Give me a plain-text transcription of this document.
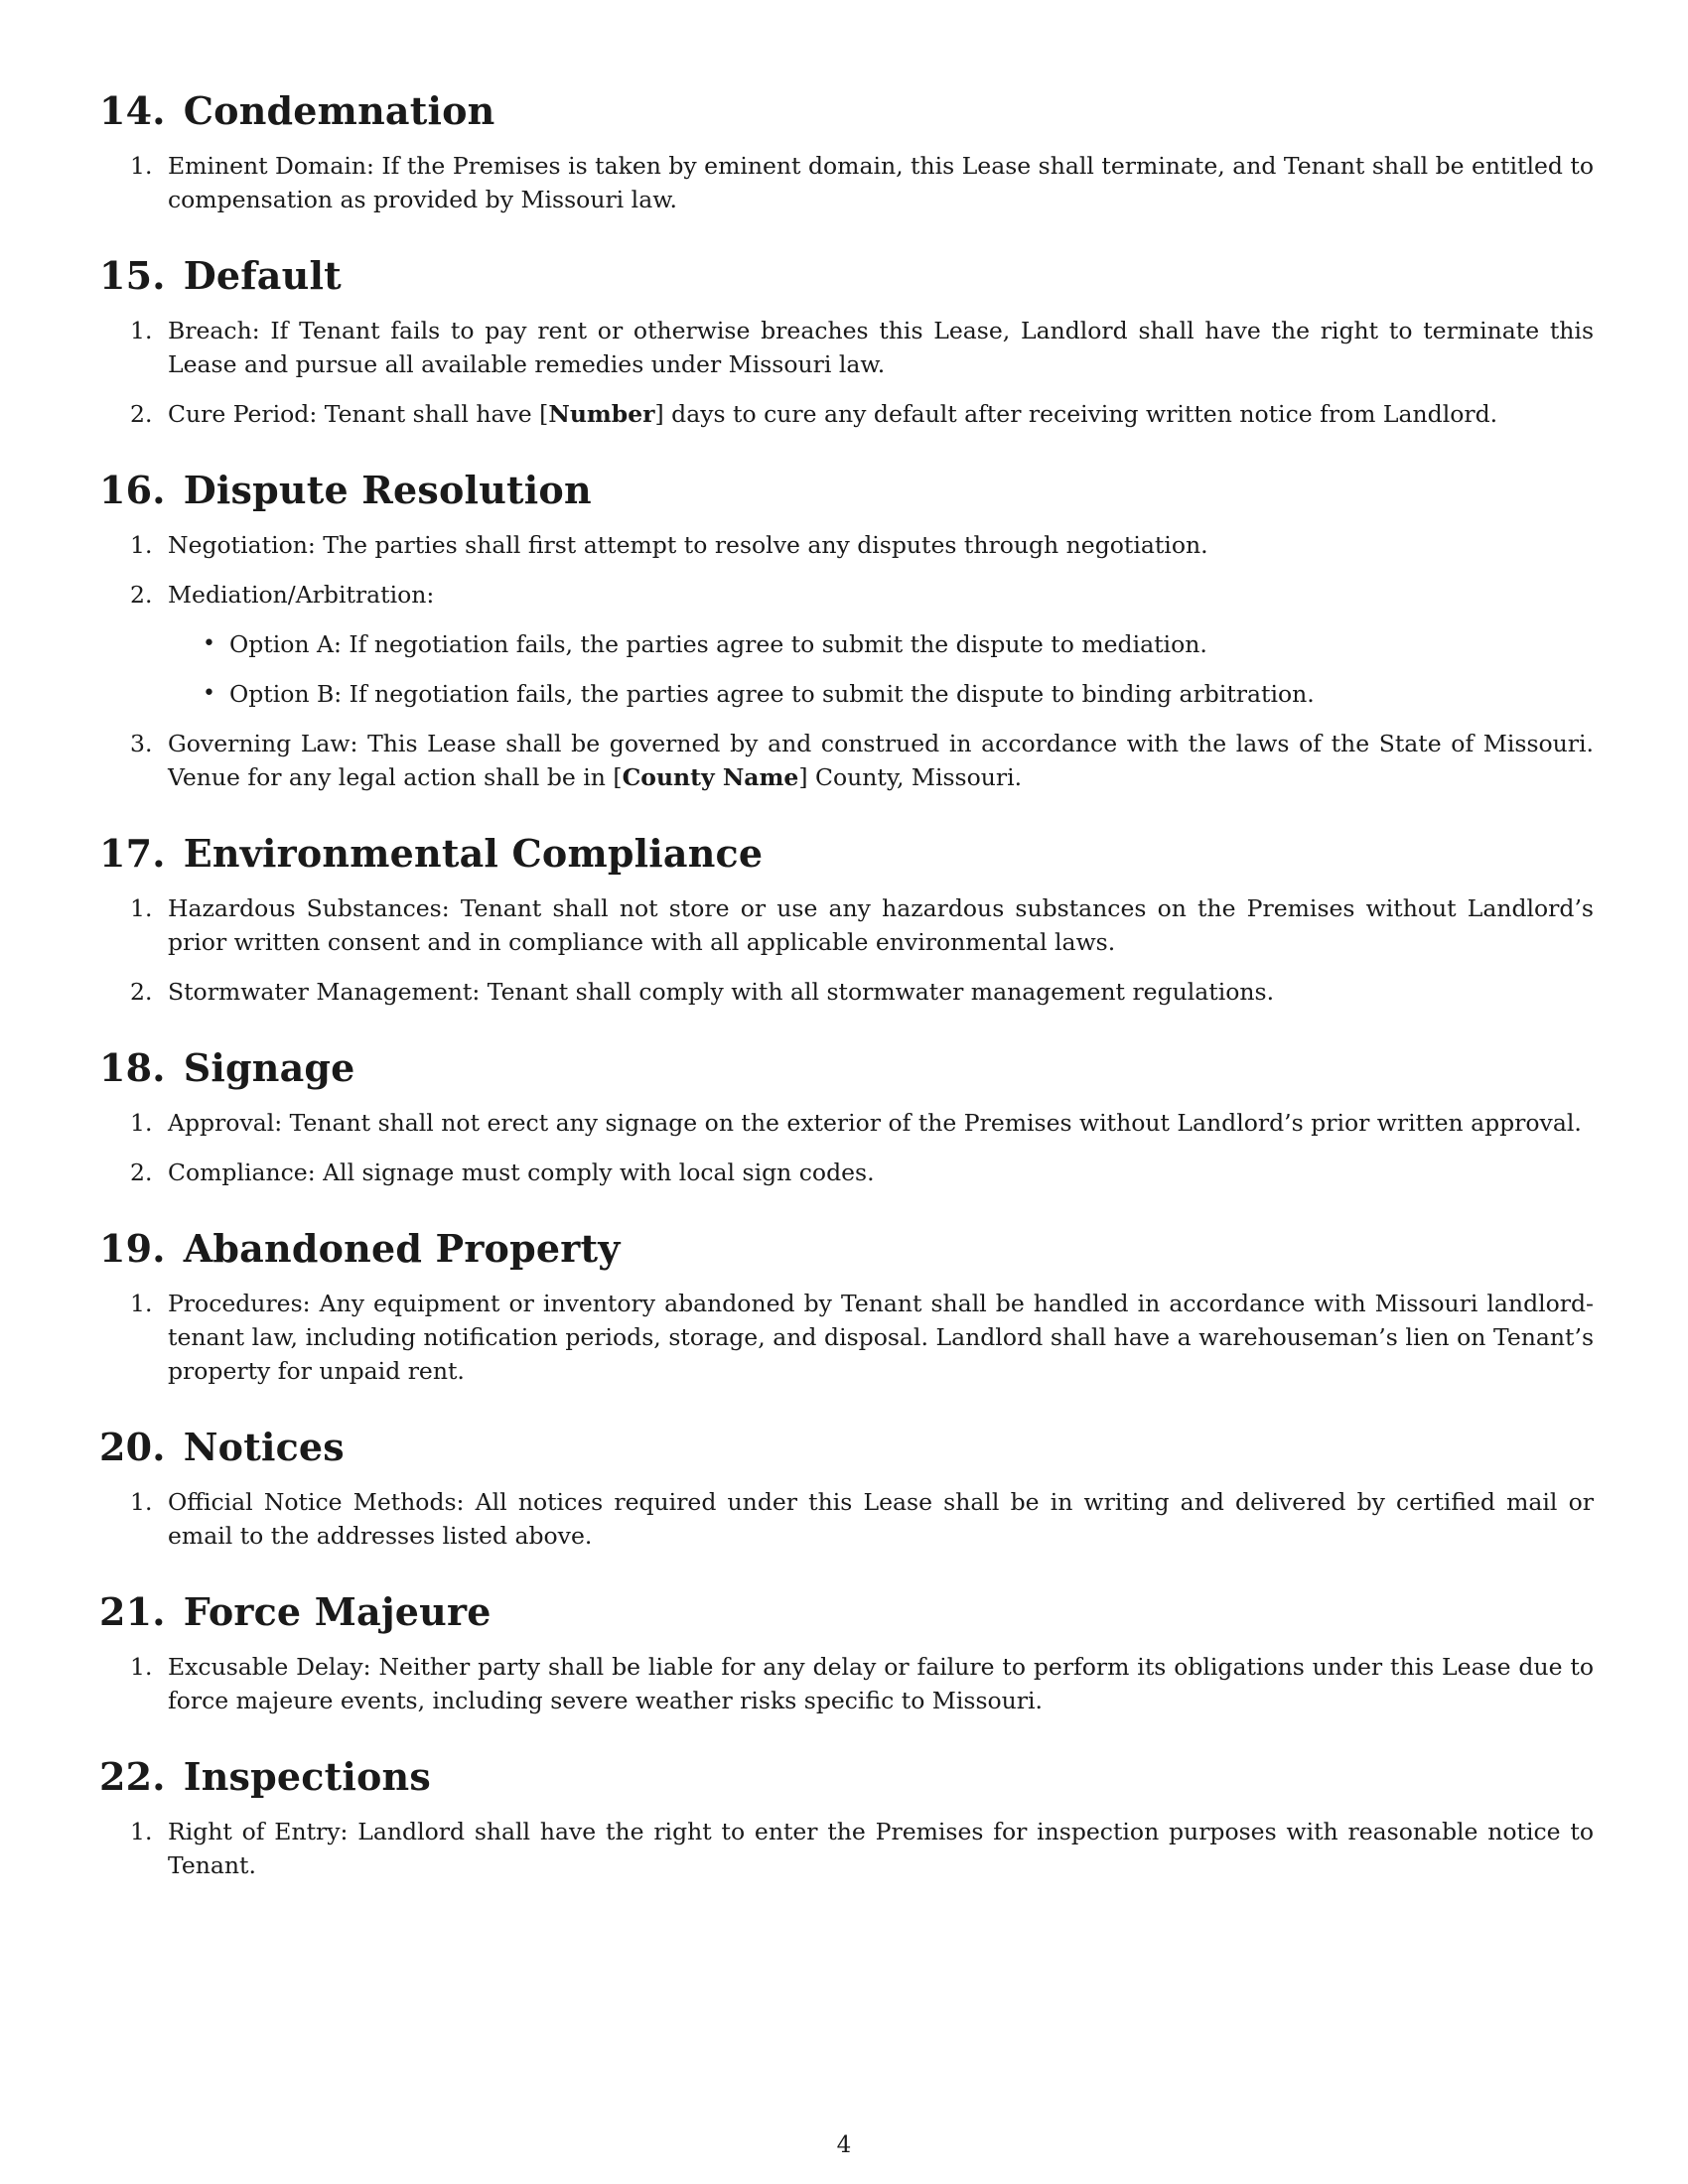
14. Condemnation
1. Eminent Domain: If the Premises is taken by eminent domain, this Lease shall terminate, and Tenant shall be entitled to compensation as provided by Missouri law.
15. Default
1. Breach: If Tenant fails to pay rent or otherwise breaches this Lease, Landlord shall have the right to terminate this Lease and pursue all available remedies under Missouri law.
2. Cure Period: Tenant shall have [Number] days to cure any default after receiving written notice from Landlord.
16. Dispute Resolution
1. Negotiation: The parties shall first attempt to resolve any disputes through negotiation.
2. Mediation/Arbitration:
• Option A: If negotiation fails, the parties agree to submit the dispute to mediation.
• Option B: If negotiation fails, the parties agree to submit the dispute to binding arbitration.
3. Governing Law: This Lease shall be governed by and construed in accordance with the laws of the State of Missouri. Venue for any legal action shall be in [County Name] County, Missouri.
17. Environmental Compliance
1. Hazardous Substances: Tenant shall not store or use any hazardous substances on the Premises without Landlord’s prior written consent and in compliance with all applicable environmental laws.
2. Stormwater Management: Tenant shall comply with all stormwater management regulations.
18. Signage
1. Approval: Tenant shall not erect any signage on the exterior of the Premises without Landlord’s prior written approval.
2. Compliance: All signage must comply with local sign codes.
19. Abandoned Property
1. Procedures: Any equipment or inventory abandoned by Tenant shall be handled in accordance with Missouri landlord-tenant law, including notification periods, storage, and disposal. Landlord shall have a warehouseman’s lien on Tenant’s property for unpaid rent.
20. Notices
1. Official Notice Methods: All notices required under this Lease shall be in writing and delivered by certified mail or email to the addresses listed above.
21. Force Majeure
1. Excusable Delay: Neither party shall be liable for any delay or failure to perform its obligations under this Lease due to force majeure events, including severe weather risks specific to Missouri.
22. Inspections
1. Right of Entry: Landlord shall have the right to enter the Premises for inspection purposes with reasonable notice to Tenant.
4
